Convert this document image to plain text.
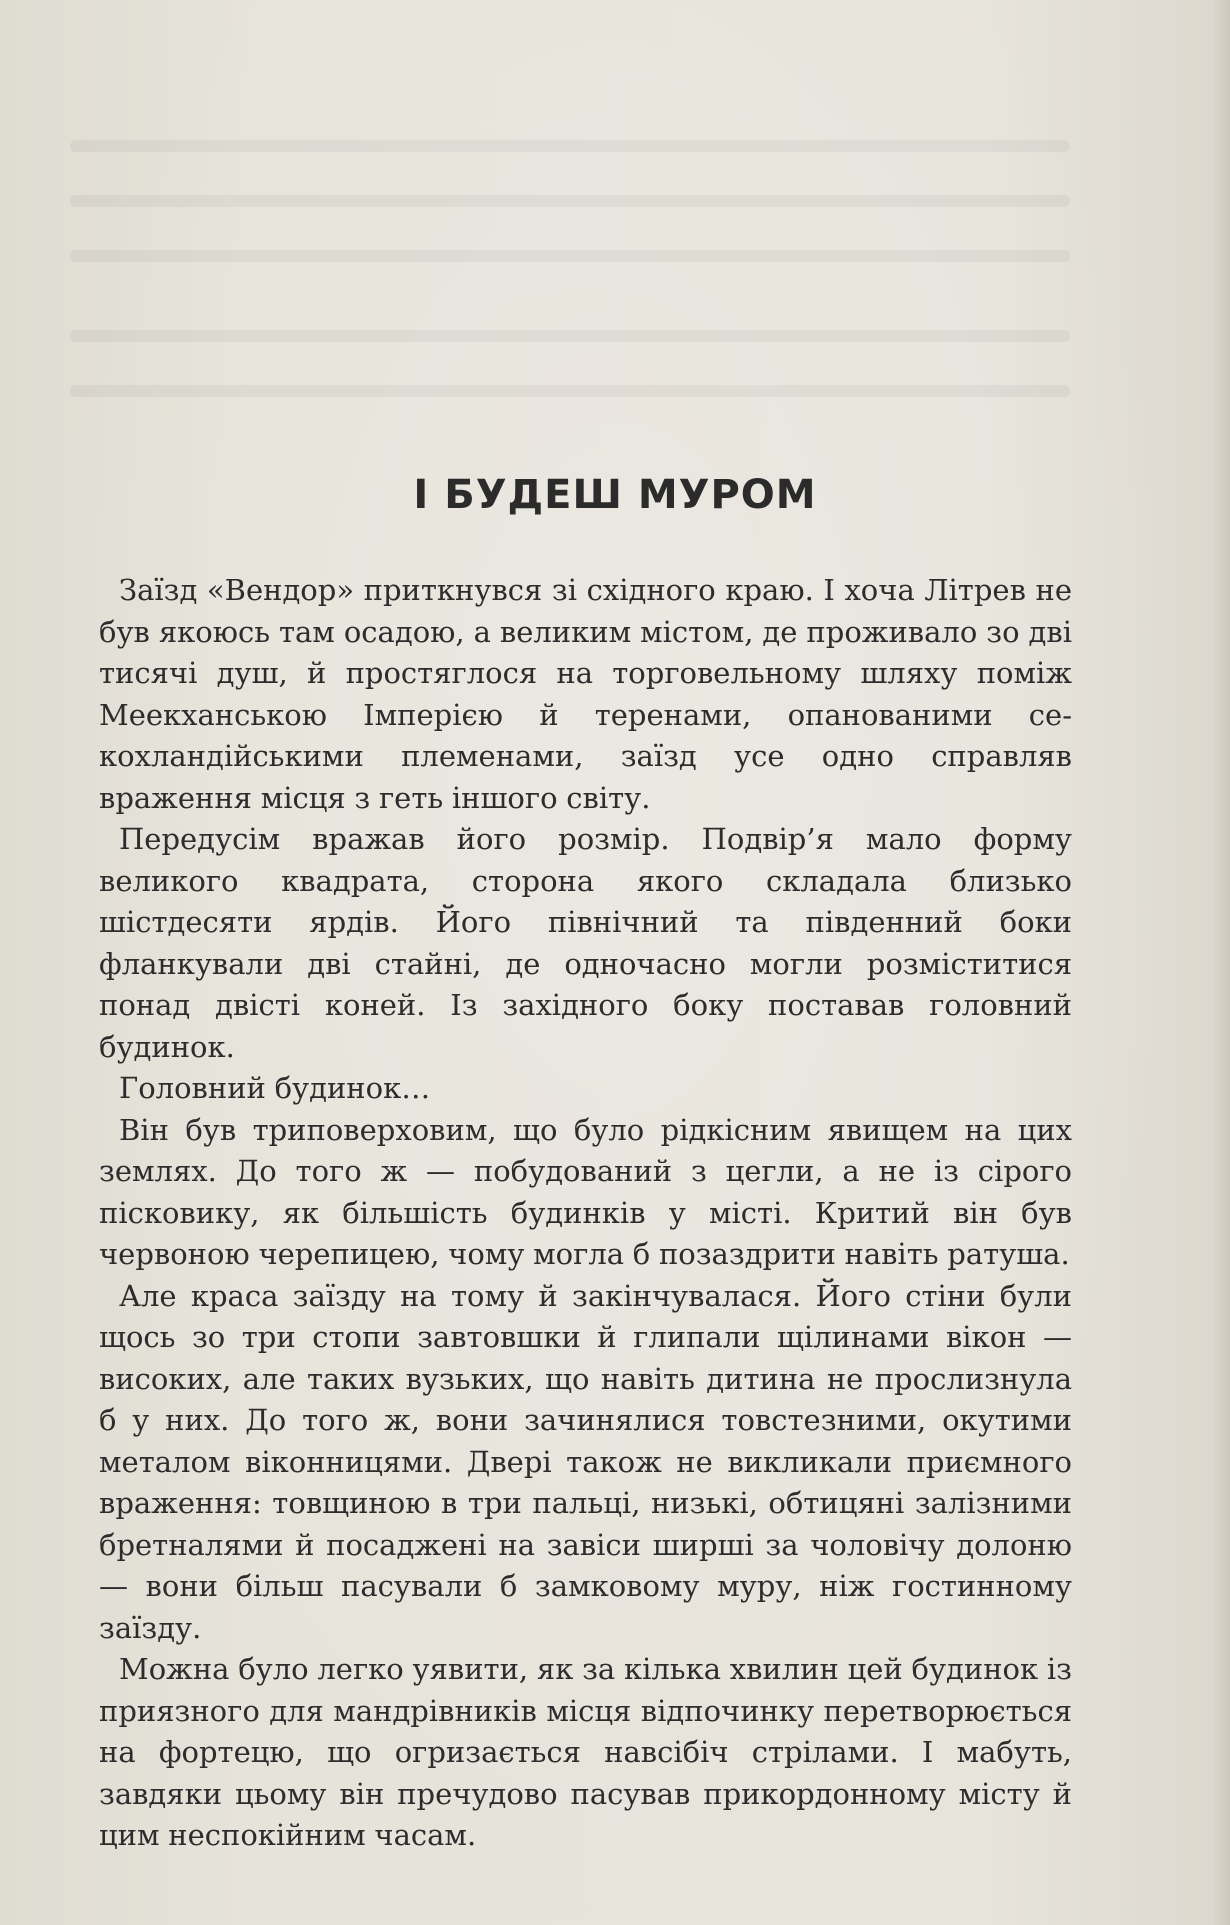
І БУДЕШ МУРОМ

Заїзд «Вендор» приткнувся зі східного краю. І хоча Літрев не був якоюсь там осадою, а великим містом, де проживало зо дві тисячі душ, й простяглося на торговельному шляху поміж Меекханською Імперією й теренами, опанованими се-кохландійськими племенами, заїзд усе одно справляв враження місця з геть іншого світу.

Передусім вражав його розмір. Подвір’я мало форму великого квадрата, сторона якого складала близько шістдесяти ярдів. Його північний та південний боки фланкували дві стайні, де одночасно могли розміститися понад двісті коней. Із західного боку поставав головний будинок.

Головний будинок…

Він був триповерховим, що було рідкісним явищем на цих землях. До того ж — побудований з цегли, а не із сірого пісковику, як більшість будинків у місті. Критий він був червоною черепицею, чому могла б позаздрити навіть ратуша.

Але краса заїзду на тому й закінчувалася. Його стіни були щось зо три стопи завтовшки й глипали щілинами вікон — високих, але таких вузьких, що навіть дитина не прослизнула б у них. До того ж, вони зачинялися товстезними, окутими металом віконницями. Двері також не викликали приємного враження: товщиною в три пальці, низькі, обтицяні залізними бретналями й посаджені на завіси ширші за чоловічу долоню — вони більш пасували б замковому муру, ніж гостинному заїзду.

Можна було легко уявити, як за кілька хвилин цей будинок із приязного для мандрівників місця відпочинку перетворюється на фортецю, що огризається навсібіч стрілами. І мабуть, завдяки цьому він пречудово пасував прикордонному місту й цим неспокійним часам.
